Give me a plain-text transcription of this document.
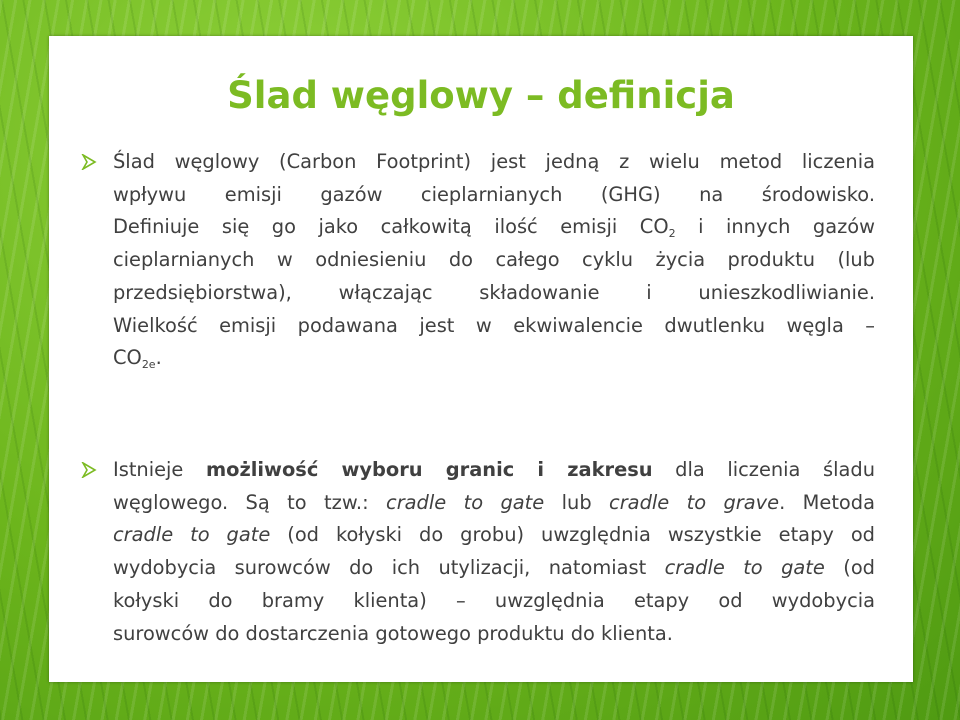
Ślad węglowy – definicja
Ślad węglowy (Carbon Footprint) jest jedną z wielu metod liczenia
wpływu emisji gazów cieplarnianych (GHG) na środowisko.
Definiuje się go jako całkowitą ilość emisji $CO_2$ i innych gazów
cieplarnianych w odniesieniu do całego cyklu życia produktu (lub
przedsiębiorstwa), włączając składowanie i unieszkodliwianie.
Wielkość emisji podawana jest w ekwiwalencie dwutlenku węgla –
$CO_{2e}$.
Istnieje możliwość wyboru granic i zakresu dla liczenia śladu
węglowego. Są to tzw.: cradle to gate lub cradle to grave. Metoda
cradle to gate (od kołyski do grobu) uwzględnia wszystkie etapy od
wydobycia surowców do ich utylizacji, natomiast cradle to gate (od
kołyski do bramy klienta) – uwzględnia etapy od wydobycia
surowców do dostarczenia gotowego produktu do klienta.
